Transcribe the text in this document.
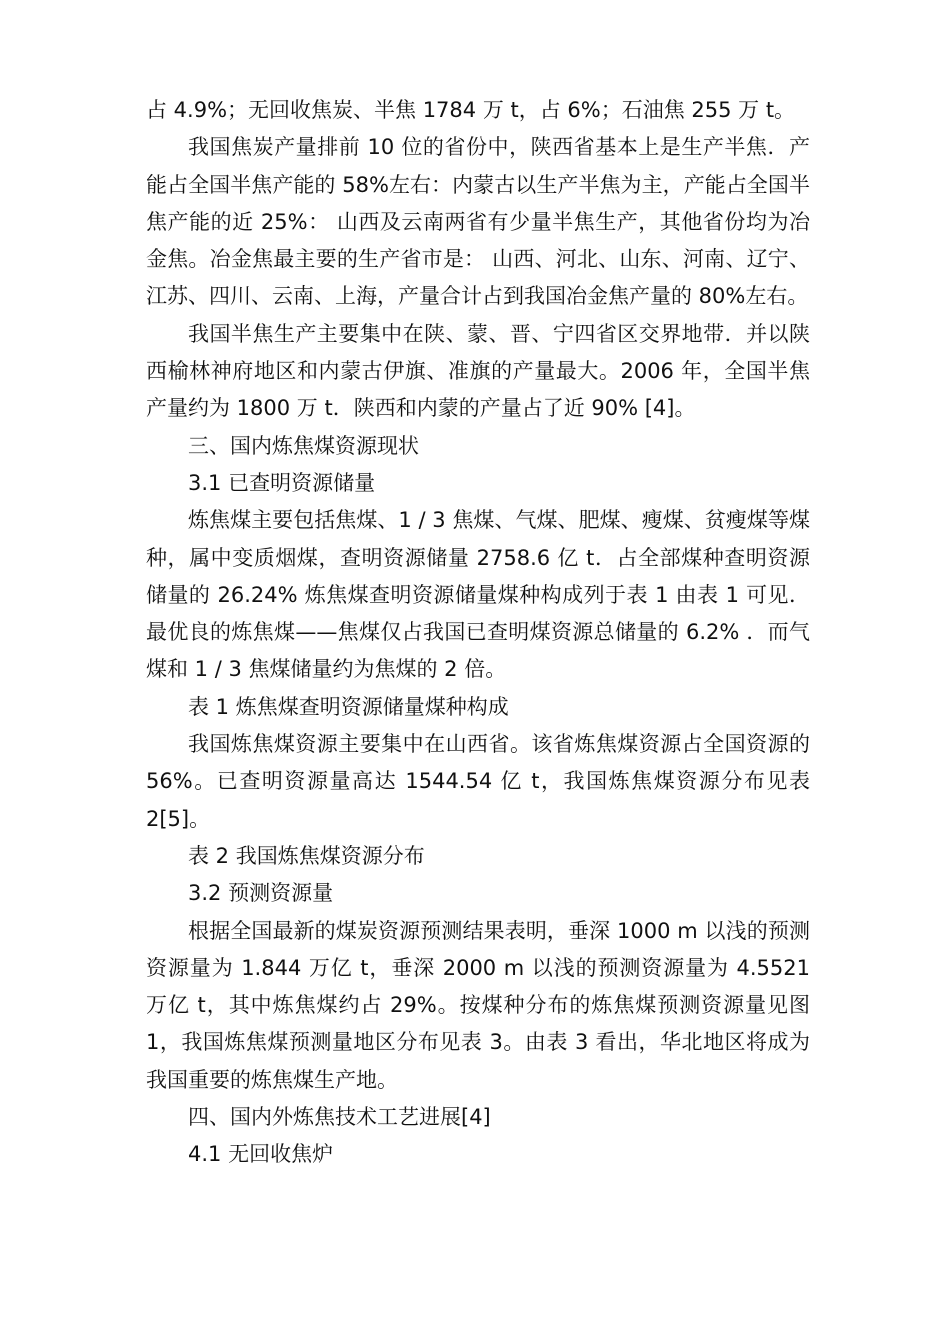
占 4.9%；无回收焦炭、半焦 1784 万 t，占 6%；石油焦 255 万 t。

我国焦炭产量排前 10 位的省份中，陕西省基本上是生产半焦．产能占全国半焦产能的 58%左右：内蒙古以生产半焦为主，产能占全国半焦产能的近 25%： 山西及云南两省有少量半焦生产，其他省份均为冶金焦。冶金焦最主要的生产省市是： 山西、河北、山东、河南、辽宁、江苏、四川、云南、上海，产量合计占到我国冶金焦产量的 80%左右。

我国半焦生产主要集中在陕、蒙、晋、宁四省区交界地带．并以陕西榆林神府地区和内蒙古伊旗、准旗的产量最大。2006 年，全国半焦产量约为 1800 万 t．陕西和内蒙的产量占了近 90% [4]。

三、国内炼焦煤资源现状

3.1 已查明资源储量

炼焦煤主要包括焦煤、1 / 3 焦煤、气煤、肥煤、瘦煤、贫瘦煤等煤种，属中变质烟煤，查明资源储量 2758.6 亿 t．占全部煤种查明资源储量的 26.24% 炼焦煤查明资源储量煤种构成列于表 1 由表 1 可见．最优良的炼焦煤——焦煤仅占我国已查明煤资源总储量的 6.2% ．而气煤和 1 / 3 焦煤储量约为焦煤的 2 倍。

表 1 炼焦煤查明资源储量煤种构成

我国炼焦煤资源主要集中在山西省。该省炼焦煤资源占全国资源的 56%。已查明资源量高达 1544.54 亿 t，我国炼焦煤资源分布见表 2[5]。

表 2 我国炼焦煤资源分布

3.2 预测资源量

根据全国最新的煤炭资源预测结果表明，垂深 1000 m 以浅的预测资源量为 1.844 万亿 t，垂深 2000 m 以浅的预测资源量为 4.5521 万亿 t，其中炼焦煤约占 29%。按煤种分布的炼焦煤预测资源量见图 1，我国炼焦煤预测量地区分布见表 3。由表 3 看出，华北地区将成为我国重要的炼焦煤生产地。

四、国内外炼焦技术工艺进展[4]

4.1 无回收焦炉
